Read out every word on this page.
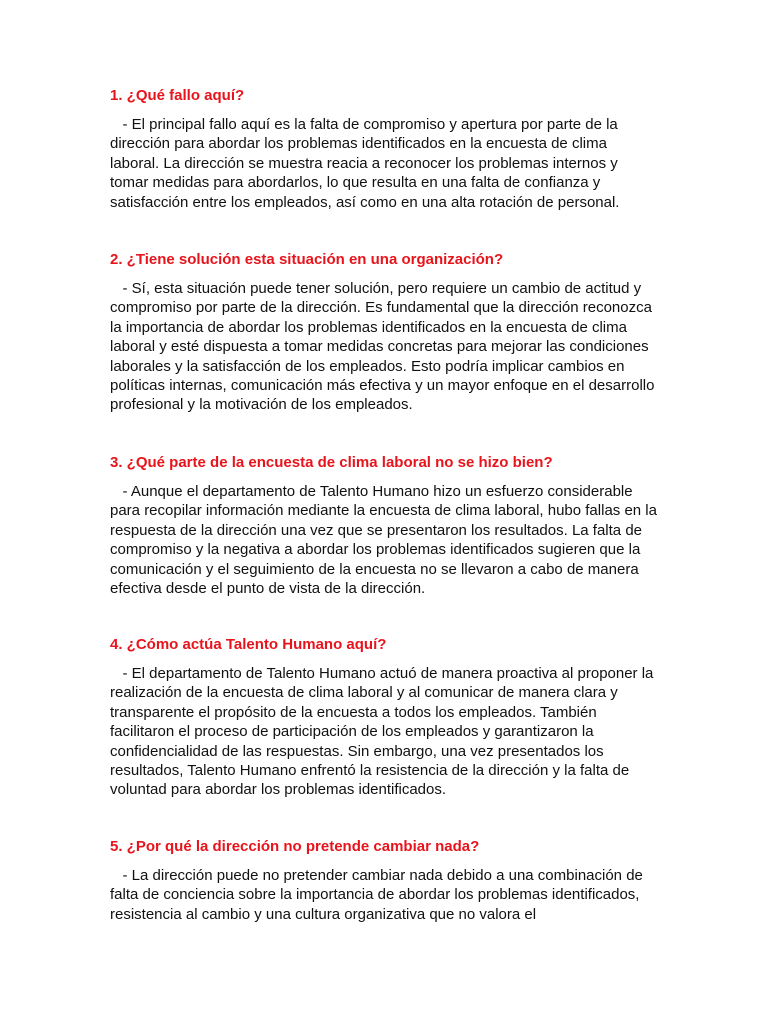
1. ¿Qué fallo aquí?

- El principal fallo aquí es la falta de compromiso y apertura por parte de la dirección para abordar los problemas identificados en la encuesta de clima laboral. La dirección se muestra reacia a reconocer los problemas internos y tomar medidas para abordarlos, lo que resulta en una falta de confianza y satisfacción entre los empleados, así como en una alta rotación de personal.

2. ¿Tiene solución esta situación en una organización?

- Sí, esta situación puede tener solución, pero requiere un cambio de actitud y compromiso por parte de la dirección. Es fundamental que la dirección reconozca la importancia de abordar los problemas identificados en la encuesta de clima laboral y esté dispuesta a tomar medidas concretas para mejorar las condiciones laborales y la satisfacción de los empleados. Esto podría implicar cambios en políticas internas, comunicación más efectiva y un mayor enfoque en el desarrollo profesional y la motivación de los empleados.

3. ¿Qué parte de la encuesta de clima laboral no se hizo bien?

- Aunque el departamento de Talento Humano hizo un esfuerzo considerable para recopilar información mediante la encuesta de clima laboral, hubo fallas en la respuesta de la dirección una vez que se presentaron los resultados. La falta de compromiso y la negativa a abordar los problemas identificados sugieren que la comunicación y el seguimiento de la encuesta no se llevaron a cabo de manera efectiva desde el punto de vista de la dirección.

4. ¿Cómo actúa Talento Humano aquí?

- El departamento de Talento Humano actuó de manera proactiva al proponer la realización de la encuesta de clima laboral y al comunicar de manera clara y transparente el propósito de la encuesta a todos los empleados. También facilitaron el proceso de participación de los empleados y garantizaron la confidencialidad de las respuestas. Sin embargo, una vez presentados los resultados, Talento Humano enfrentó la resistencia de la dirección y la falta de voluntad para abordar los problemas identificados.

5. ¿Por qué la dirección no pretende cambiar nada?

- La dirección puede no pretender cambiar nada debido a una combinación de falta de conciencia sobre la importancia de abordar los problemas identificados, resistencia al cambio y una cultura organizativa que no valora el
